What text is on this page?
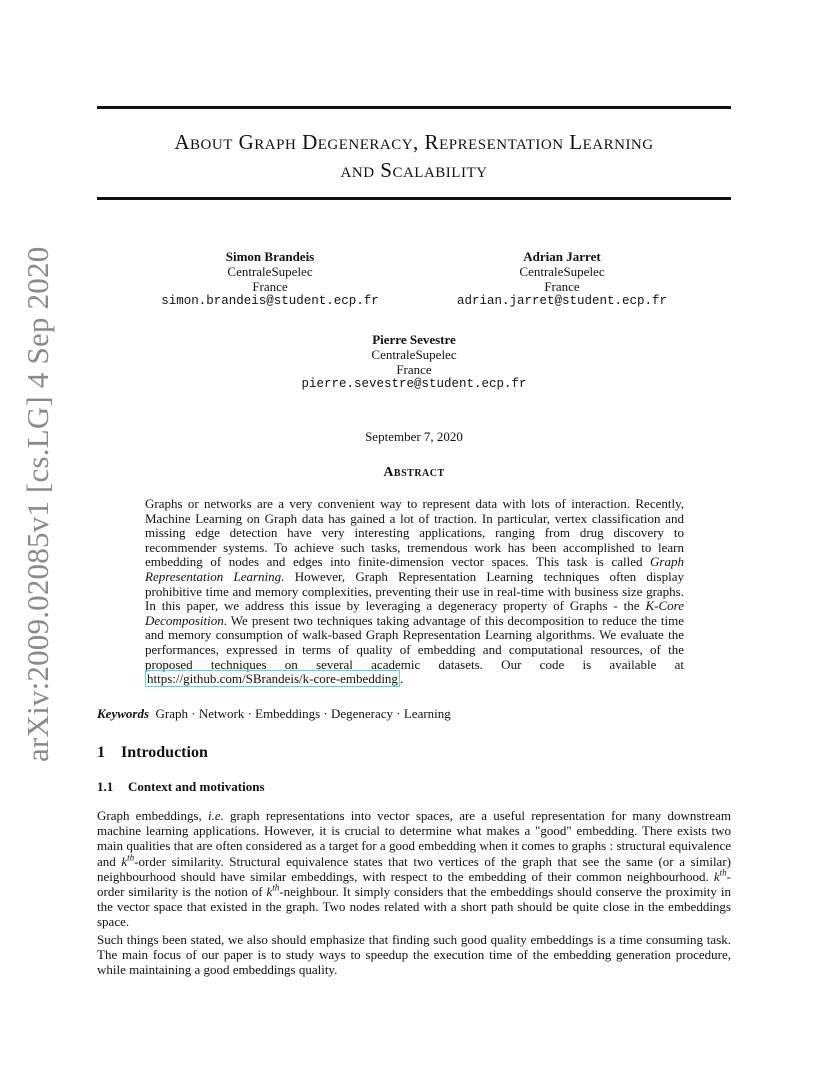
arXiv:2009.02085v1 [cs.LG] 4 Sep 2020
About Graph Degeneracy, Representation Learning
and Scalability
Simon Brandeis
CentraleSupelec
France
simon.brandeis@student.ecp.fr
Adrian Jarret
CentraleSupelec
France
adrian.jarret@student.ecp.fr
Pierre Sevestre
CentraleSupelec
France
pierre.sevestre@student.ecp.fr
September 7, 2020
Abstract
Graphs or networks are a very convenient way to represent data with lots of interaction. Recently, Machine Learning on Graph data has gained a lot of traction. In particular, vertex classification and missing edge detection have very interesting applications, ranging from drug discovery to recommender systems. To achieve such tasks, tremendous work has been accomplished to learn embedding of nodes and edges into finite-dimension vector spaces. This task is called Graph Representation Learning. However, Graph Representation Learning techniques often display prohibitive time and memory complexities, preventing their use in real-time with business size graphs. In this paper, we address this issue by leveraging a degeneracy property of Graphs - the K-Core Decomposition. We present two techniques taking advantage of this decomposition to reduce the time and memory consumption of walk-based Graph Representation Learning algorithms. We evaluate the performances, expressed in terms of quality of embedding and computational resources, of the proposed techniques on several academic datasets. Our code is available at https://github.com/SBrandeis/k-core-embedding .
Keywords Graph · Network · Embeddings · Degeneracy · Learning
1 Introduction
1.1 Context and motivations
Graph embeddings, i.e. graph representations into vector spaces, are a useful representation for many downstream machine learning applications. However, it is crucial to determine what makes a "good" embedding. There exists two main qualities that are often considered as a target for a good embedding when it comes to graphs : structural equivalence and $k^{th}$-order similarity. Structural equivalence states that two vertices of the graph that see the same (or a similar) neighbourhood should have similar embeddings, with respect to the embedding of their common neighbourhood. $k^{th}$-order similarity is the notion of $k^{th}$-neighbour. It simply considers that the embeddings should conserve the proximity in the vector space that existed in the graph. Two nodes related with a short path should be quite close in the embeddings space.
Such things been stated, we also should emphasize that finding such good quality embeddings is a time consuming task. The main focus of our paper is to study ways to speedup the execution time of the embedding generation procedure, while maintaining a good embeddings quality.
